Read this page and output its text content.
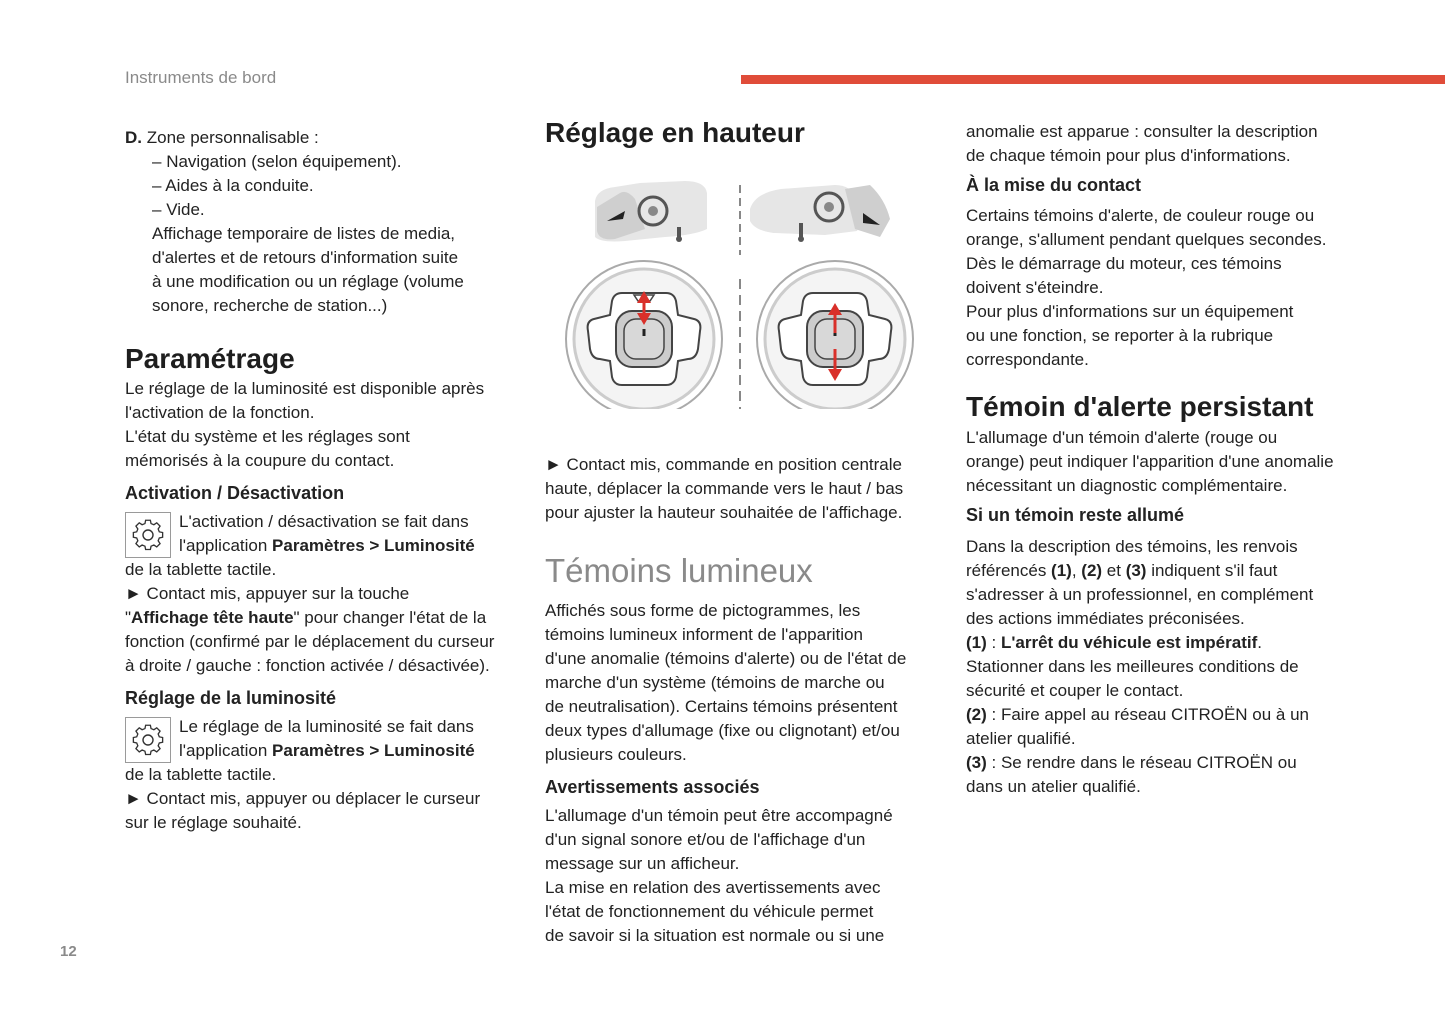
Instruments de bord

D. Zone personnalisable :

– Navigation (selon équipement).

– Aides à la conduite.

– Vide.

Affichage temporaire de listes de media,

d'alertes et de retours d'information suite

à une modification ou un réglage (volume

sonore, recherche de station...)

Paramétrage

Le réglage de la luminosité est disponible après

l'activation de la fonction.

L'état du système et les réglages sont

mémorisés à la coupure du contact.

Activation / Désactivation

L'activation / désactivation se fait dans

l'application Paramètres > Luminosité

de la tablette tactile.

► Contact mis, appuyer sur la touche

"Affichage tête haute" pour changer l'état de la

fonction (confirmé par le déplacement du curseur

à droite / gauche : fonction activée / désactivée).

Réglage de la luminosité

Le réglage de la luminosité se fait dans

l'application Paramètres > Luminosité

de la tablette tactile.

► Contact mis, appuyer ou déplacer le curseur

sur le réglage souhaité.

Réglage en hauteur

► Contact mis, commande en position centrale

haute, déplacer la commande vers le haut / bas

pour ajuster la hauteur souhaitée de l'affichage.

Témoins lumineux

Affichés sous forme de pictogrammes, les

témoins lumineux informent de l'apparition

d'une anomalie (témoins d'alerte) ou de l'état de

marche d'un système (témoins de marche ou

de neutralisation). Certains témoins présentent

deux types d'allumage (fixe ou clignotant) et/ou

plusieurs couleurs.

Avertissements associés

L'allumage d'un témoin peut être accompagné

d'un signal sonore et/ou de l'affichage d'un

message sur un afficheur.

La mise en relation des avertissements avec

l'état de fonctionnement du véhicule permet

de savoir si la situation est normale ou si une

anomalie est apparue : consulter la description

de chaque témoin pour plus d'informations.

À la mise du contact

Certains témoins d'alerte, de couleur rouge ou

orange, s'allument pendant quelques secondes.

Dès le démarrage du moteur, ces témoins

doivent s'éteindre.

Pour plus d'informations sur un équipement

ou une fonction, se reporter à la rubrique

correspondante.

Témoin d'alerte persistant

L'allumage d'un témoin d'alerte (rouge ou

orange) peut indiquer l'apparition d'une anomalie

nécessitant un diagnostic complémentaire.

Si un témoin reste allumé

Dans la description des témoins, les renvois

référencés (1), (2) et (3) indiquent s'il faut

s'adresser à un professionnel, en complément

des actions immédiates préconisées.

(1) : L'arrêt du véhicule est impératif.

Stationner dans les meilleures conditions de

sécurité et couper le contact.

(2) : Faire appel au réseau CITROËN ou à un

atelier qualifié.

(3) : Se rendre dans le réseau CITROËN ou

dans un atelier qualifié.

12
